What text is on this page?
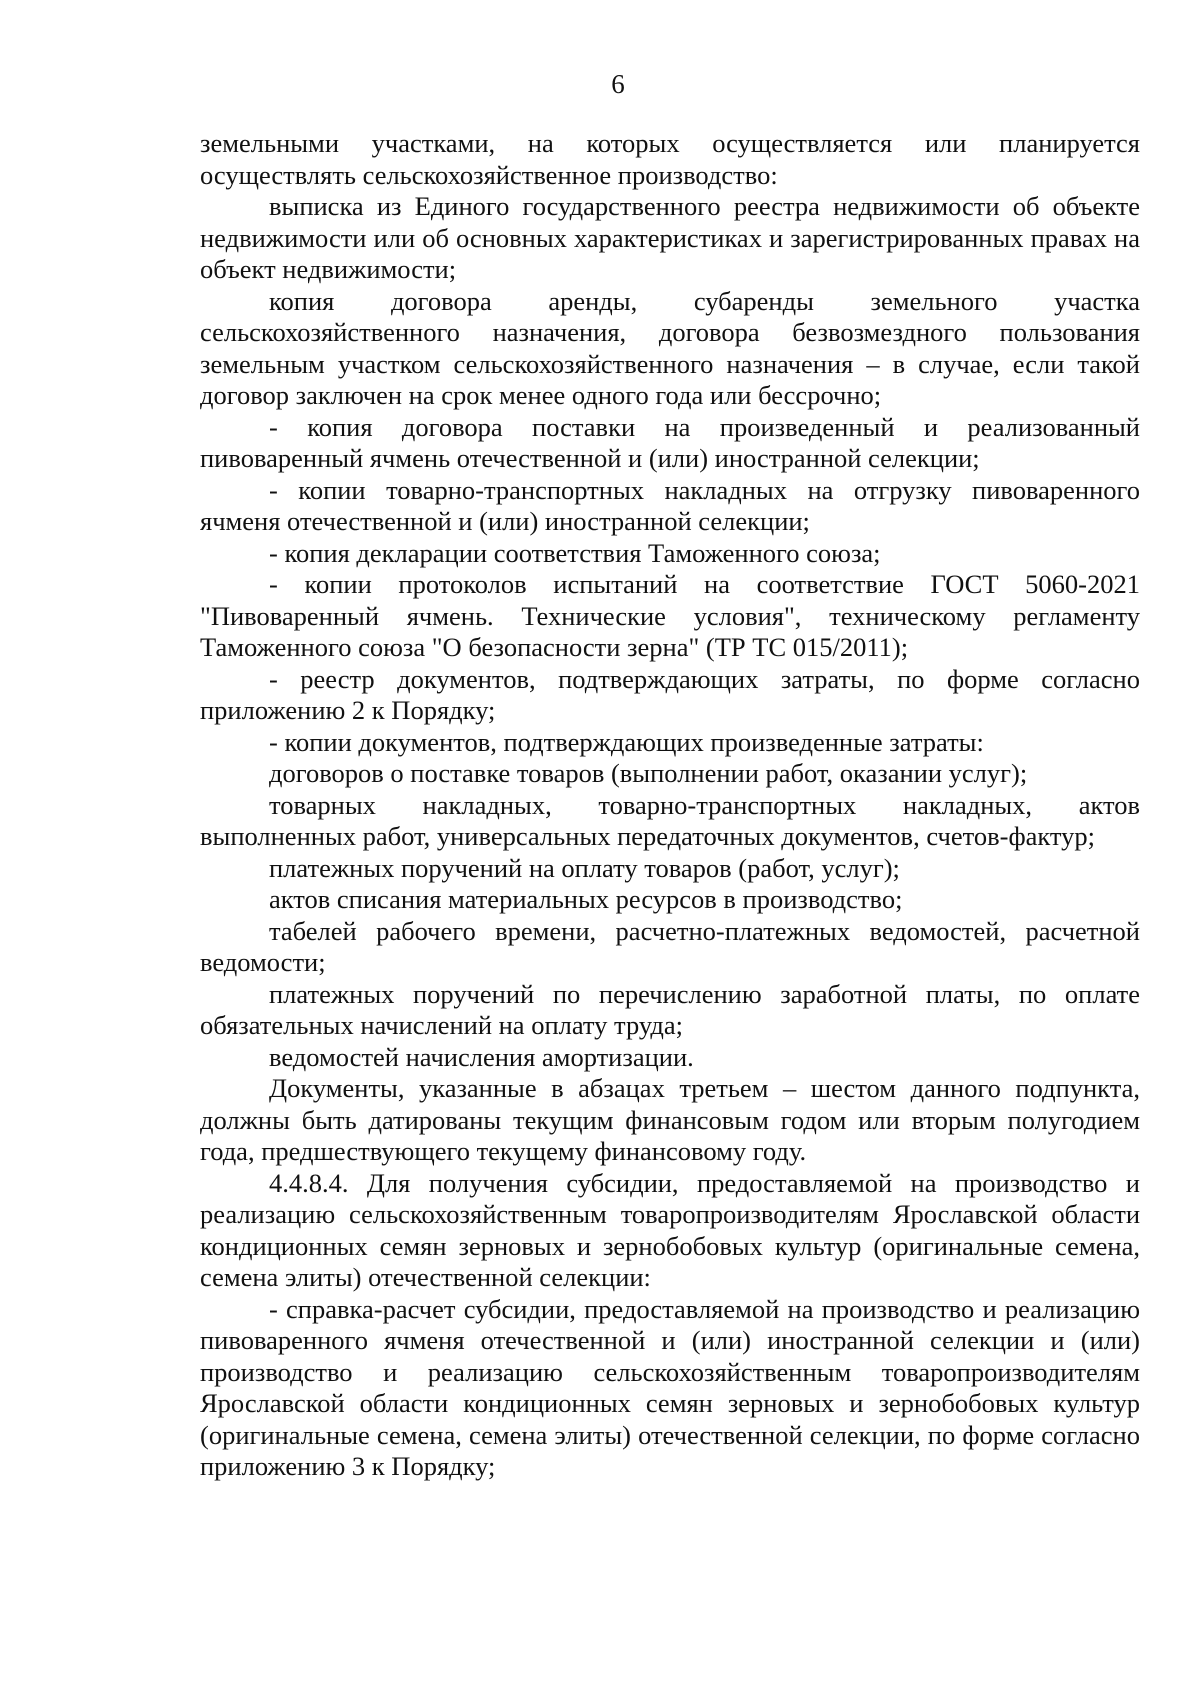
6

земельными участками, на которых осуществляется или планируется осуществлять сельскохозяйственное производство:

выписка из Единого государственного реестра недвижимости об объекте недвижимости или об основных характеристиках и зарегистрированных правах на объект недвижимости;

копия договора аренды, субаренды земельного участка сельскохозяйственного назначения, договора безвозмездного пользования земельным участком сельскохозяйственного назначения – в случае, если такой договор заключен на срок менее одного года или бессрочно;

- копия договора поставки на произведенный и реализованный пивоваренный ячмень отечественной и (или) иностранной селекции;

- копии товарно-транспортных накладных на отгрузку пивоваренного ячменя отечественной и (или) иностранной селекции;

- копия декларации соответствия Таможенного союза;

- копии протоколов испытаний на соответствие ГОСТ 5060-2021 "Пивоваренный ячмень. Технические условия", техническому регламенту Таможенного союза "О безопасности зерна" (ТР ТС 015/2011);

- реестр документов, подтверждающих затраты, по форме согласно приложению 2 к Порядку;

- копии документов, подтверждающих произведенные затраты:

договоров о поставке товаров (выполнении работ, оказании услуг);

товарных накладных, товарно-транспортных накладных, актов выполненных работ, универсальных передаточных документов, счетов-фактур;

платежных поручений на оплату товаров (работ, услуг);

актов списания материальных ресурсов в производство;

табелей рабочего времени, расчетно-платежных ведомостей, расчетной ведомости;

платежных поручений по перечислению заработной платы, по оплате обязательных начислений на оплату труда;

ведомостей начисления амортизации.

Документы, указанные в абзацах третьем – шестом данного подпункта, должны быть датированы текущим финансовым годом или вторым полугодием года, предшествующего текущему финансовому году.

4.4.8.4. Для получения субсидии, предоставляемой на производство и реализацию сельскохозяйственным товаропроизводителям Ярославской области кондиционных семян зерновых и зернобобовых культур (оригинальные семена, семена элиты) отечественной селекции:

- справка-расчет субсидии, предоставляемой на производство и реализацию пивоваренного ячменя отечественной и (или) иностранной селекции и (или) производство и реализацию сельскохозяйственным товаропроизводителям Ярославской области кондиционных семян зерновых и зернобобовых культур (оригинальные семена, семена элиты) отечественной селекции, по форме согласно приложению 3 к Порядку;
